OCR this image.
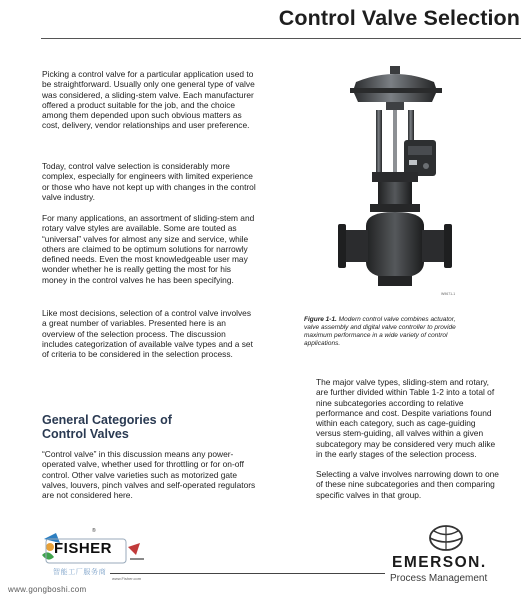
Control Valve Selection

Picking a control valve for a particular application used to be straightforward. Usually only one general type of valve was considered, a sliding-stem valve. Each manufacturer offered a product suitable for the job, and the choice among them depended upon such obvious matters as cost, delivery, vendor relationships and user preference.

Today, control valve selection is considerably more complex, especially for engineers with limited experience or those who have not kept up with changes in the control valve industry.

For many applications, an assortment of sliding-stem and rotary valve styles are available. Some are touted as “universal” valves for almost any size and service, while others are claimed to be optimum solutions for narrowly defined needs. Even the most knowledgeable user may wonder whether he is really getting the most for his money in the control valves he has been specifying.

Like most decisions, selection of a control valve involves a great number of variables. Presented here is an overview of the selection process. The discussion includes categorization of available valve types and a set of criteria to be considered in the selection process.

General Categories of
Control Valves

“Control valve” in this discussion means any power-operated valve, whether used for throttling or for on-off control. Other valve varieties such as motorized gate valves, louvers, pinch valves and self-operated regulators are not considered here.

W9671-1

Figure 1-1. Modern control valve combines actuator, valve assembly and digital valve controller to provide maximum performance in a wide variety of control applications.

The major valve types, sliding-stem and rotary, are further divided within Table 1-2 into a total of nine subcategories according to relative performance and cost. Despite variations found within each category, such as cage-guiding versus stem-guiding, all valves within a given subcategory may be considered very much alike in the early stages of the selection process.

Selecting a valve involves narrowing down to one of these nine subcategories and then comparing specific valves in that group.

FISHER
®
智能工厂服务商
www.gongboshi.com
www.Fisher.com
EMERSON.
Process Management
